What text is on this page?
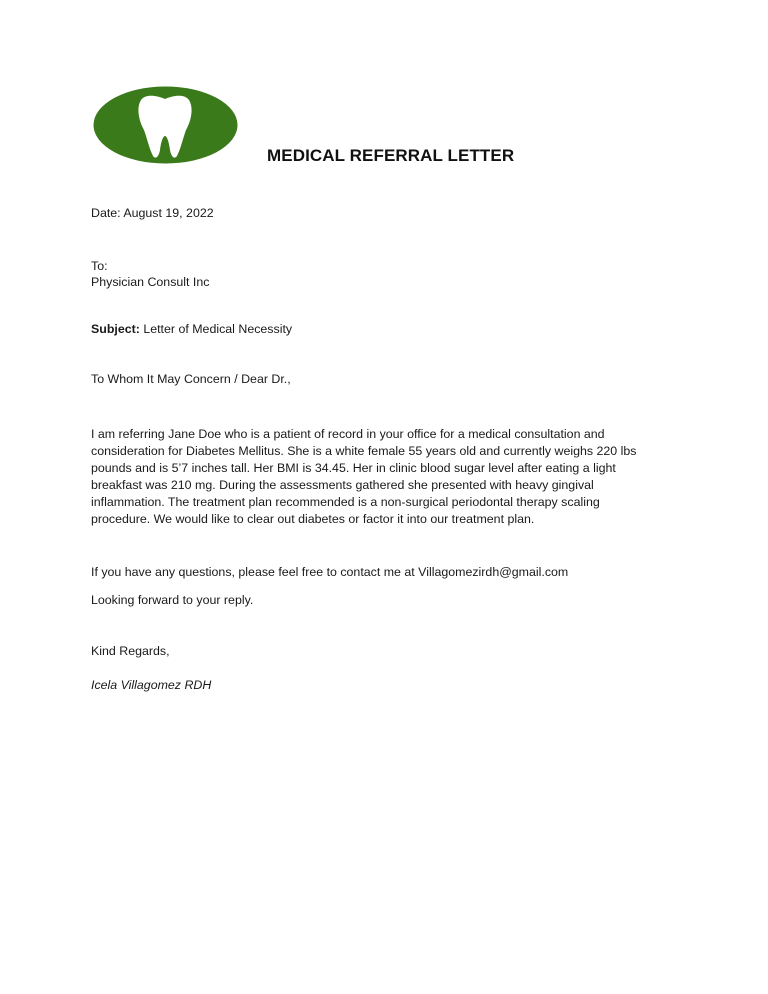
MEDICAL REFERRAL LETTER
Date: August 19, 2022
To:
Physician Consult Inc
Subject: Letter of Medical Necessity
To Whom It May Concern / Dear Dr.,
I am referring Jane Doe who is a patient of record in your office for a medical consultation and
consideration for Diabetes Mellitus. She is a white female 55 years old and currently weighs 220 lbs
pounds and is 5’7 inches tall. Her BMI is 34.45. Her in clinic blood sugar level after eating a light
breakfast was 210 mg. During the assessments gathered she presented with heavy gingival
inflammation. The treatment plan recommended is a non-surgical periodontal therapy scaling
procedure. We would like to clear out diabetes or factor it into our treatment plan.
If you have any questions, please feel free to contact me at Villagomezirdh@gmail.com
Looking forward to your reply.
Kind Regards,
Icela Villagomez RDH
